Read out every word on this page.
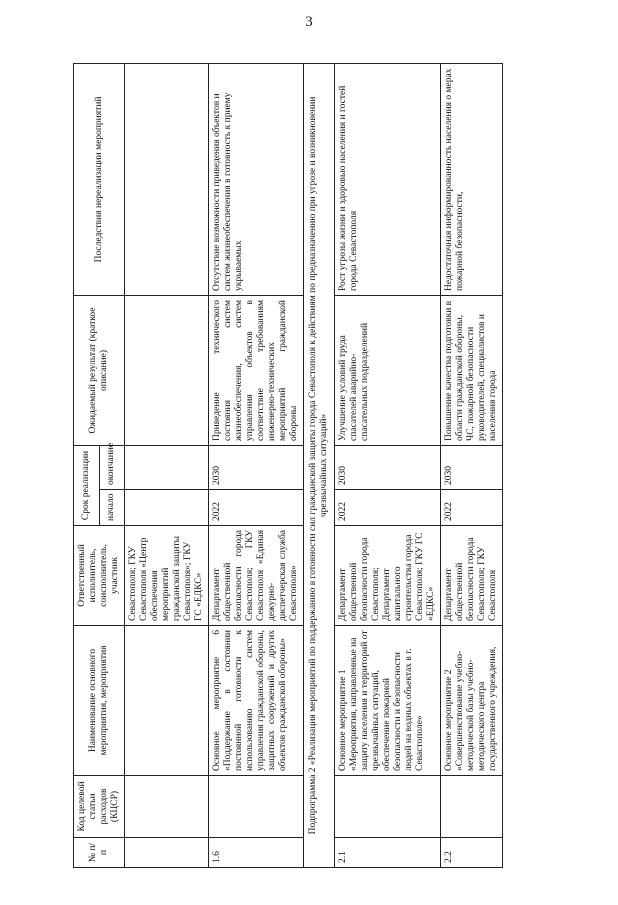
3
№ п/п	Код целевой статьи расходов (КЦСР)	Наименование основного мероприятия, мероприятия	Ответственный исполнитель, соисполнитель, участник	Срок реализации		Ожидаемый результат (краткое описание)	Последствия нереализации мероприятий
				начало	окончание		
			Севастополя; ГКУ Севастополя «Центр обеспечения мероприятий гражданской защиты Севастополя»; ГКУ ГС «ЕДКС»				
1.6		Основное мероприятие 6 «Поддержание в состоянии постоянной готовности к использованию систем управления гражданской обороны, защитных сооружений и других объектов гражданской обороны»	Департамент общественной безопасности города Севастополя; ГКУ Севастополя «Единая дежурно-диспетчерская служба Севастополя»	2022	2030	Приведение технического состояния систем жизнеобеспечения, систем управления объектов в соответствие требованиям инженерно-технических мероприятий гражданской обороны	Отсутствие возможности приведения объектов и систем жизнеобеспечения в готовность к приему укрываемых
Подпрограмма 2 «Реализация мероприятий по поддержанию в готовности сил гражданской защиты города Севастополя к действиям по предназначению при угрозе и возникновении чрезвычайных ситуаций»							
2.1		Основное мероприятие 1 «Мероприятия, направленные на защиту населения и территорий от чрезвычайных ситуаций, обеспечение пожарной безопасности и безопасности людей на водных объектах в г. Севастополе»	Департамент общественной безопасности города Севастополя; Департамент капитального строительства города Севастополя; ГКУ ГС «ЕДКС»	2022	2030	Улучшение условий труда спасателей аварийно-спасательных подразделений	Рост угрозы жизни и здоровью населения и гостей города Севастополя
2.2		Основное мероприятие 2 «Совершенствование учебно-методической базы учебно-методического центра государственного учреждения,	Департамент общественной безопасности города Севастополя; ГКУ Севастополя	2022	2030	Повышение качества подготовки в области гражданской обороны, ЧС, пожарной безопасности руководителей, специалистов и населения города	Недостаточная информированность населения о мерах пожарной безопасности,
